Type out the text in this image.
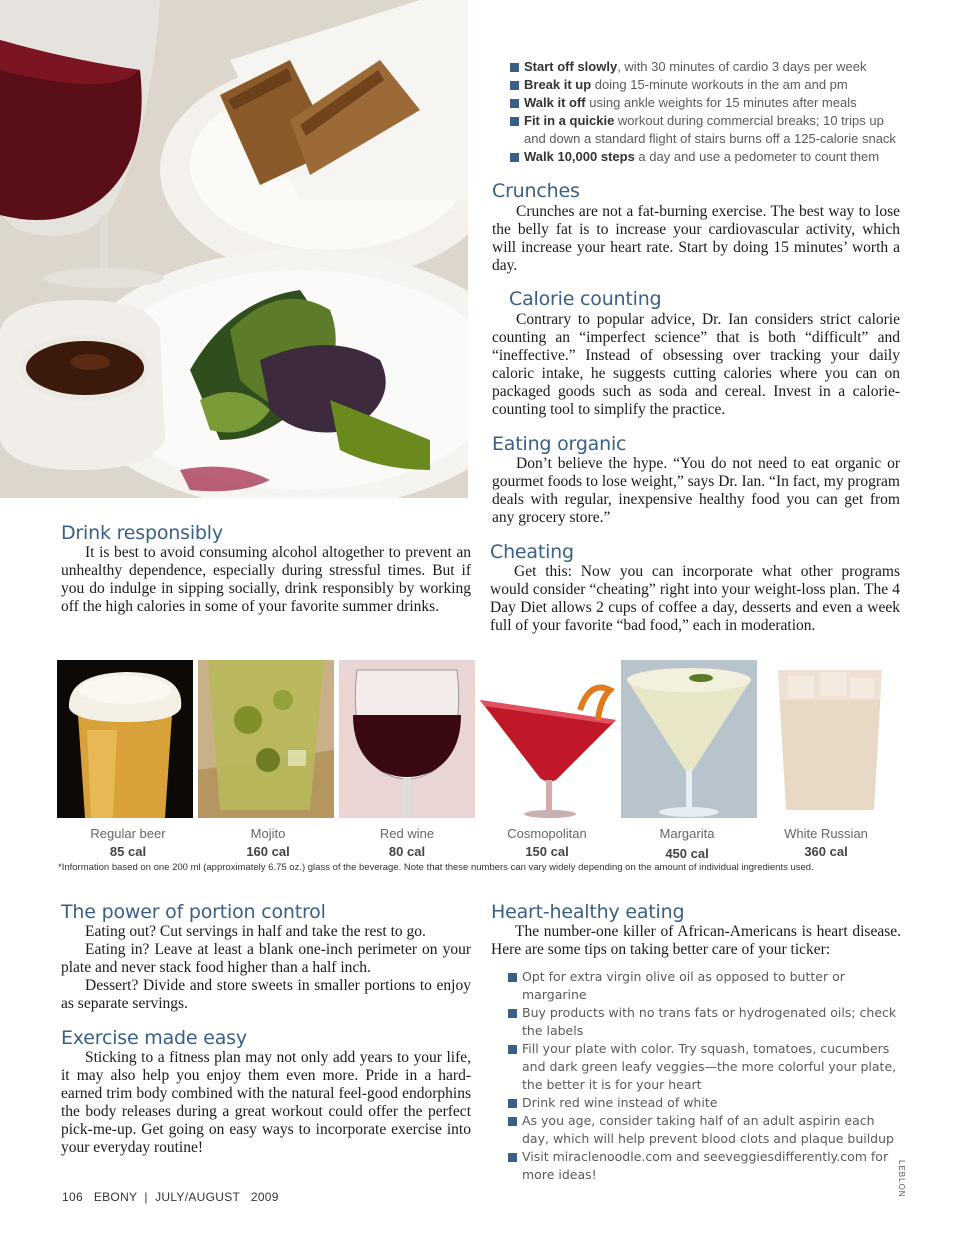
Start off slowly, with 30 minutes of cardio 3 days per week
Break it up doing 15-minute workouts in the am and pm
Walk it off using ankle weights for 15 minutes after meals
Fit in a quickie workout during commercial breaks; 10 trips up and down a standard flight of stairs burns off a 125-calorie snack
Walk 10,000 steps a day and use a pedometer to count them
Crunches

Crunches are not a fat-burning exercise. The best way to lose the belly fat is to increase your cardiovascular activity, which will increase your heart rate. Start by doing 15 minutes’ worth a day.

Calorie counting

Contrary to popular advice, Dr. Ian considers strict calorie counting an “imperfect science” that is both “difficult” and “ineffective.” Instead of obsessing over tracking your daily caloric intake, he suggests cutting calories where you can on packaged goods such as soda and cereal. Invest in a calorie-counting tool to simplify the practice.

Eating organic

Don’t believe the hype. “You do not need to eat organic or gourmet foods to lose weight,” says Dr. Ian. “In fact, my program deals with regular, inexpensive healthy food you can get from any grocery store.”

Cheating

Get this: Now you can incorporate what other programs would consider “cheating” right into your weight-loss plan. The 4 Day Diet allows 2 cups of coffee a day, desserts and even a week full of your favorite “bad food,” each in moderation.

Drink responsibly

It is best to avoid consuming alcohol altogether to prevent an unhealthy dependence, especially during stressful times. But if you do indulge in sipping socially, drink responsibly by working off the high calories in some of your favorite summer drinks.

Regular beer
85 cal
Mojito
160 cal
Red wine
80 cal
Cosmopolitan
150 cal
Margarita
450 cal
White Russian
360 cal
*Information based on one 200 ml (approximately 6.75 oz.) glass of the beverage. Note that these numbers can vary widely depending on the amount of individual ingredients used.
The power of portion control

Eating out? Cut servings in half and take the rest to go.

Eating in? Leave at least a blank one-inch perimeter on your plate and never stack food higher than a half inch.

Dessert? Divide and store sweets in smaller portions to enjoy as separate servings.

Exercise made easy

Sticking to a fitness plan may not only add years to your life, it may also help you enjoy them even more. Pride in a hard-earned trim body combined with the natural feel-good endorphins the body releases during a great workout could offer the perfect pick-me-up. Get going on easy ways to incorporate exercise into your everyday routine!

Heart-healthy eating

The number-one killer of African-Americans is heart disease. Here are some tips on taking better care of your ticker:

Opt for extra virgin olive oil as opposed to butter or margarine
Buy products with no trans fats or hydrogenated oils; check the labels
Fill your plate with color. Try squash, tomatoes, cucumbers and dark green leafy veggies—the more colorful your plate, the better it is for your heart
Drink red wine instead of white
As you age, consider taking half of an adult aspirin each day, which will help prevent blood clots and plaque buildup
Visit miraclenoodle.com and seeveggiesdifferently.com for more ideas!
106   EBONY  |  JULY/AUGUST   2009	LEBLON
